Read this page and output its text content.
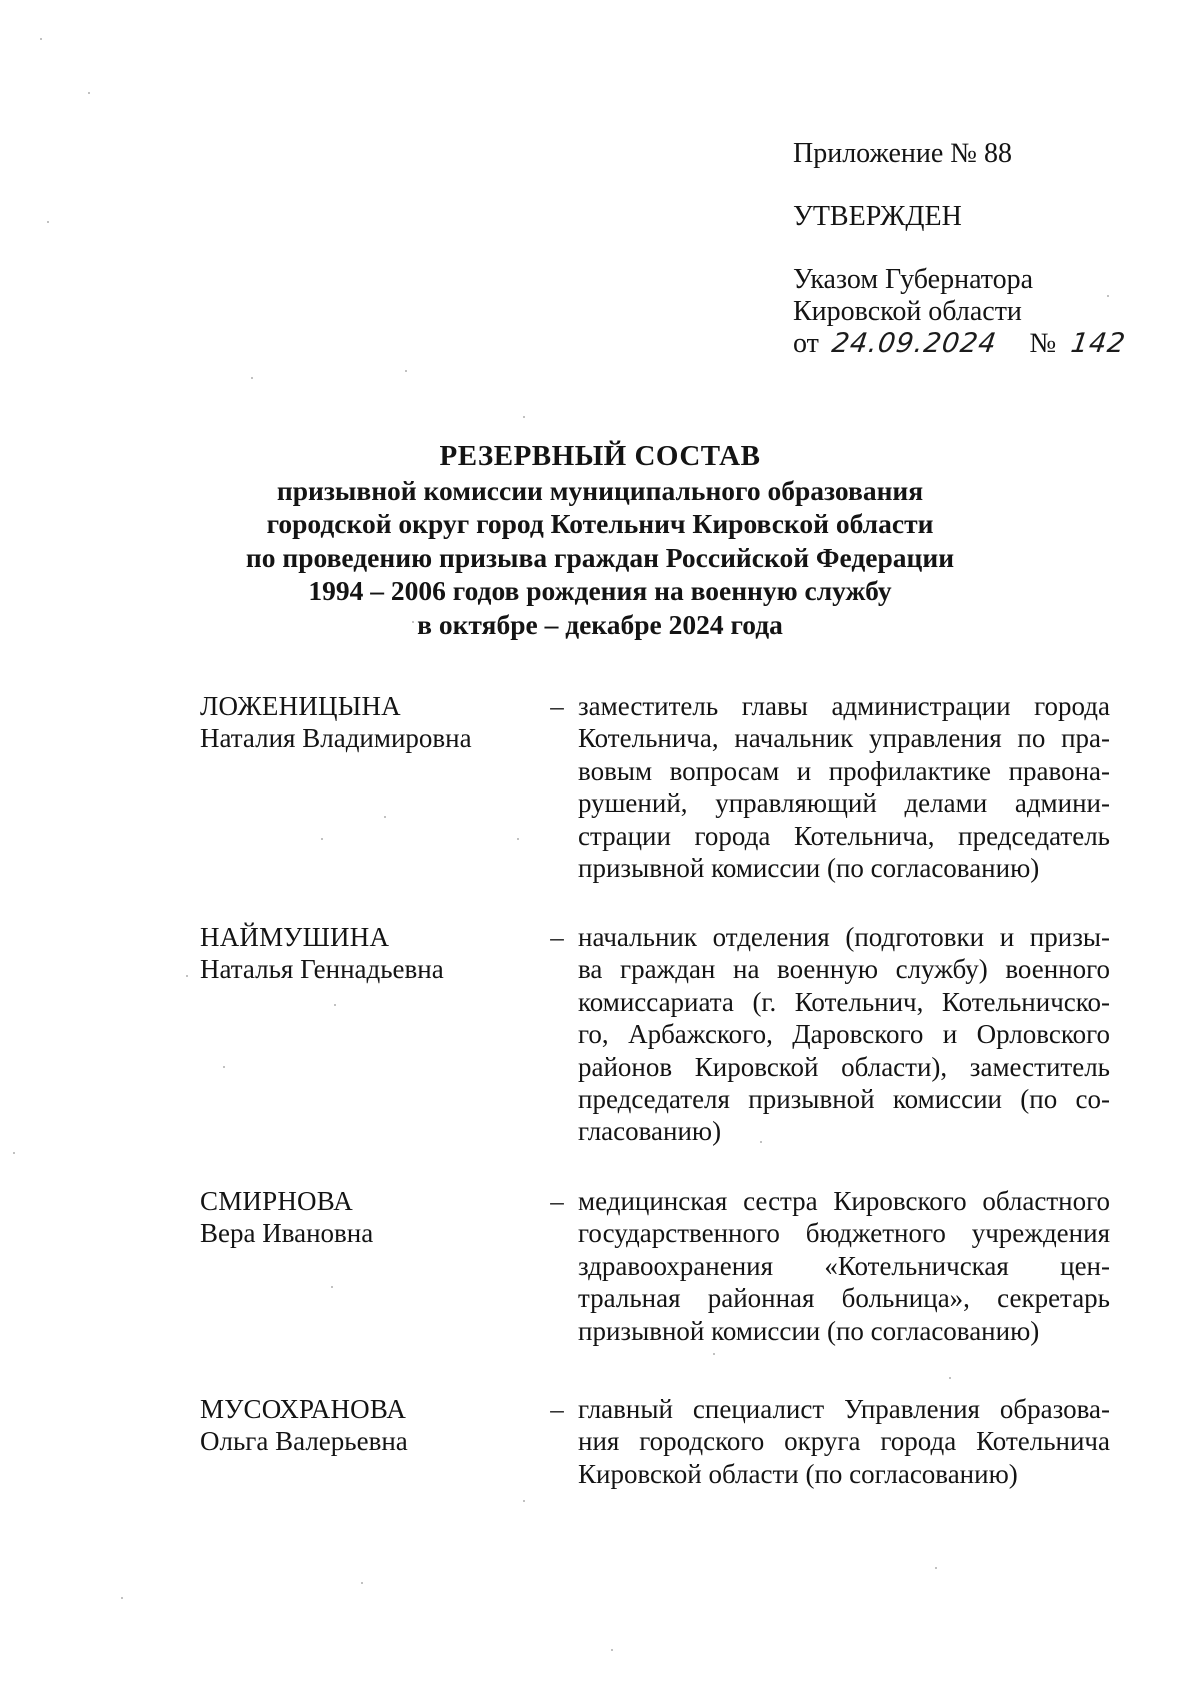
Приложение № 88
УТВЕРЖДЕН
Указом Губернатора
Кировской области
от 24.09.2024 № 142
РЕЗЕРВНЫЙ СОСТАВ
призывной комиссии муниципального образования
городской округ город Котельнич Кировской области
по проведению призыва граждан Российской Федерации
1994 – 2006 годов рождения на военную службу
в октябре – декабре 2024 года
ЛОЖЕНИЦЫНА
Наталия Владимировна
– заместитель главы администрации города
Котельнича, начальник управления по пра-
вовым вопросам и профилактике правона-
рушений, управляющий делами админи-
страции города Котельнича, председатель
призывной комиссии (по согласованию)
НАЙМУШИНА
Наталья Геннадьевна
– начальник отделения (подготовки и призы-
ва граждан на военную службу) военного
комиссариата (г. Котельнич, Котельничско-
го, Арбажского, Даровского и Орловского
районов Кировской области), заместитель
председателя призывной комиссии (по со-
гласованию)
СМИРНОВА
Вера Ивановна
– медицинская сестра Кировского областного
государственного бюджетного учреждения
здравоохранения «Котельничская цен-
тральная районная больница», секретарь
призывной комиссии (по согласованию)
МУСОХРАНОВА
Ольга Валерьевна
– главный специалист Управления образова-
ния городского округа города Котельнича
Кировской области (по согласованию)
